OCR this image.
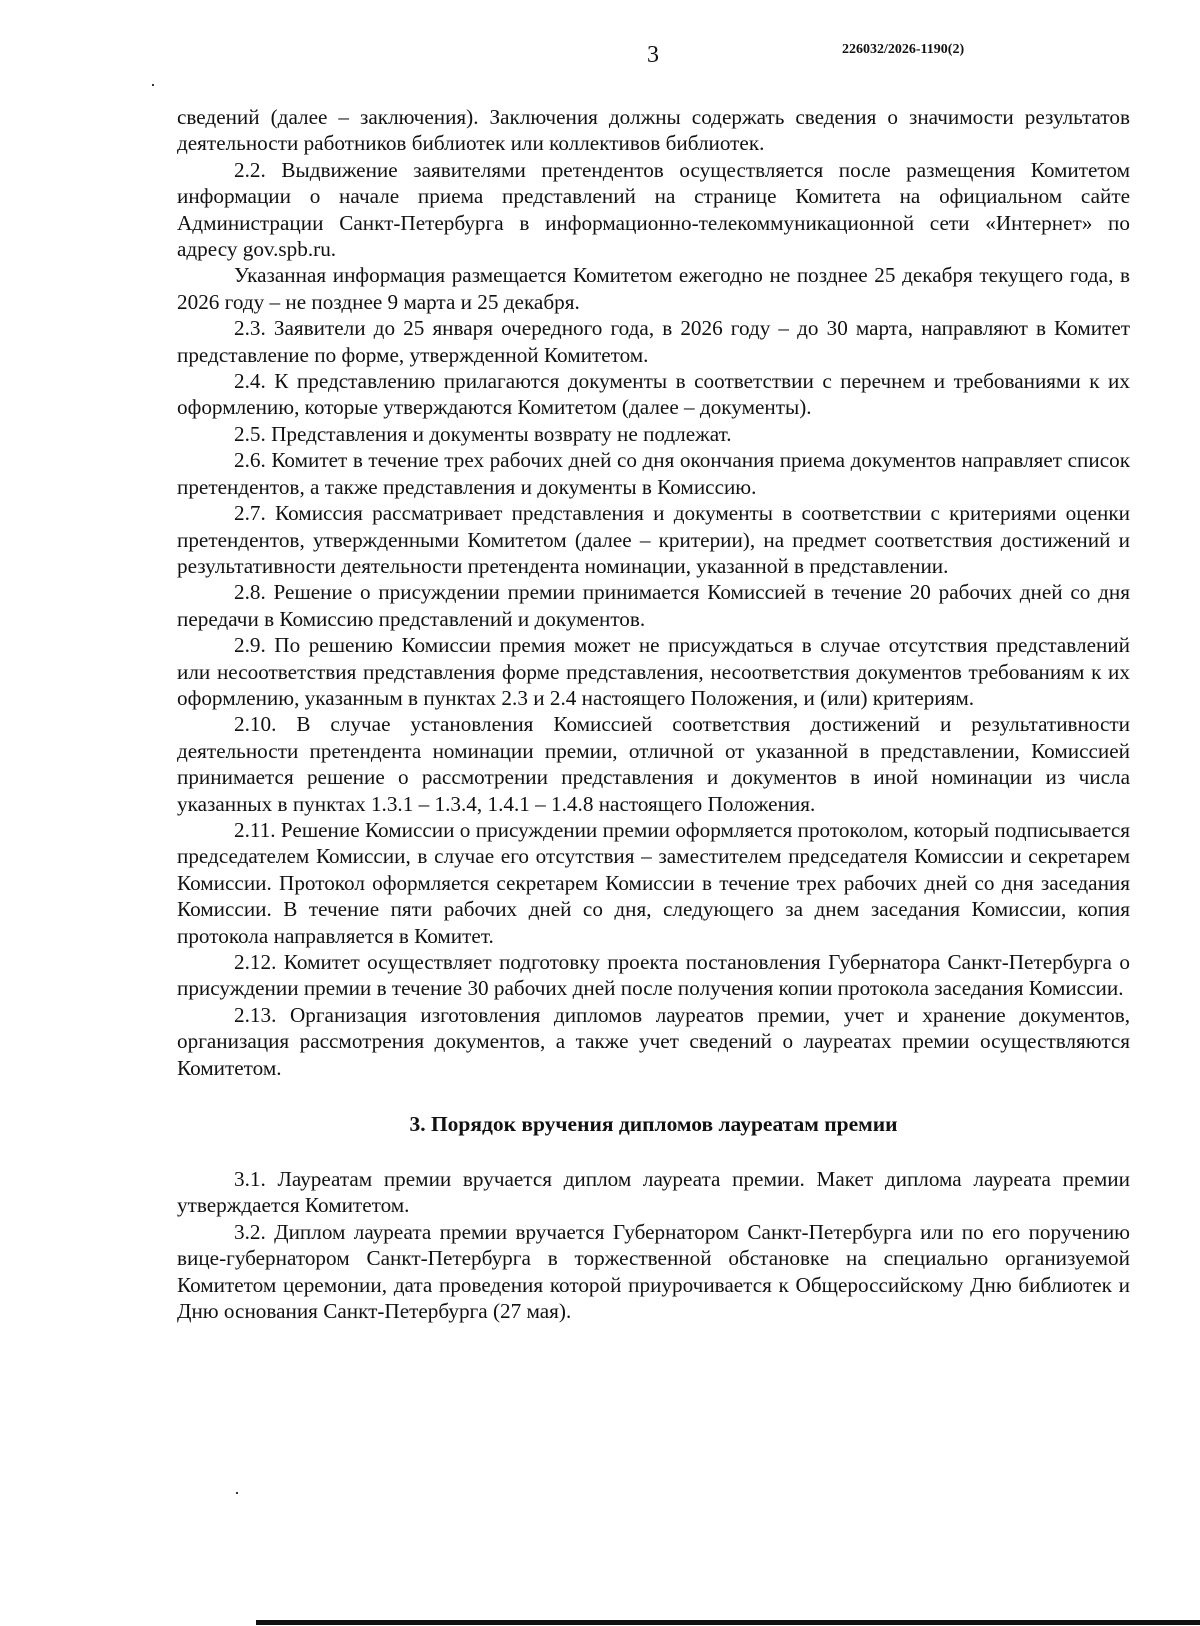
3	226032/2026-1190(2)

сведений (далее – заключения). Заключения должны содержать сведения о значимости результатов деятельности работников библиотек или коллективов библиотек.

2.2. Выдвижение заявителями претендентов осуществляется после размещения Комитетом информации о начале приема представлений на странице Комитета на официальном сайте Администрации Санкт-Петербурга в информационно-телекоммуникационной сети «Интернет» по адресу gov.spb.ru.

Указанная информация размещается Комитетом ежегодно не позднее 25 декабря текущего года, в 2026 году – не позднее 9 марта и 25 декабря.

2.3. Заявители до 25 января очередного года, в 2026 году – до 30 марта, направляют в Комитет представление по форме, утвержденной Комитетом.

2.4. К представлению прилагаются документы в соответствии с перечнем и требованиями к их оформлению, которые утверждаются Комитетом (далее – документы).

2.5. Представления и документы возврату не подлежат.

2.6. Комитет в течение трех рабочих дней со дня окончания приема документов направляет список претендентов, а также представления и документы в Комиссию.

2.7. Комиссия рассматривает представления и документы в соответствии с критериями оценки претендентов, утвержденными Комитетом (далее – критерии), на предмет соответствия достижений и результативности деятельности претендента номинации, указанной в представлении.

2.8. Решение о присуждении премии принимается Комиссией в течение 20 рабочих дней со дня передачи в Комиссию представлений и документов.

2.9. По решению Комиссии премия может не присуждаться в случае отсутствия представлений или несоответствия представления форме представления, несоответствия документов требованиям к их оформлению, указанным в пунктах 2.3 и 2.4 настоящего Положения, и (или) критериям.

2.10. В случае установления Комиссией соответствия достижений и результативности деятельности претендента номинации премии, отличной от указанной в представлении, Комиссией принимается решение о рассмотрении представления и документов в иной номинации из числа указанных в пунктах 1.3.1 – 1.3.4, 1.4.1 – 1.4.8 настоящего Положения.

2.11. Решение Комиссии о присуждении премии оформляется протоколом, который подписывается председателем Комиссии, в случае его отсутствия – заместителем председателя Комиссии и секретарем Комиссии. Протокол оформляется секретарем Комиссии в течение трех рабочих дней со дня заседания Комиссии. В течение пяти рабочих дней со дня, следующего за днем заседания Комиссии, копия протокола направляется в Комитет.

2.12. Комитет осуществляет подготовку проекта постановления Губернатора Санкт-Петербурга о присуждении премии в течение 30 рабочих дней после получения копии протокола заседания Комиссии.

2.13. Организация изготовления дипломов лауреатов премии, учет и хранение документов, организация рассмотрения документов, а также учет сведений о лауреатах премии осуществляются Комитетом.

3. Порядок вручения дипломов лауреатам премии

3.1. Лауреатам премии вручается диплом лауреата премии. Макет диплома лауреата премии утверждается Комитетом.

3.2. Диплом лауреата премии вручается Губернатором Санкт-Петербурга или по его поручению вице-губернатором Санкт-Петербурга в торжественной обстановке на специально организуемой Комитетом церемонии, дата проведения которой приурочивается к Общероссийскому Дню библиотек и Дню основания Санкт-Петербурга (27 мая).
